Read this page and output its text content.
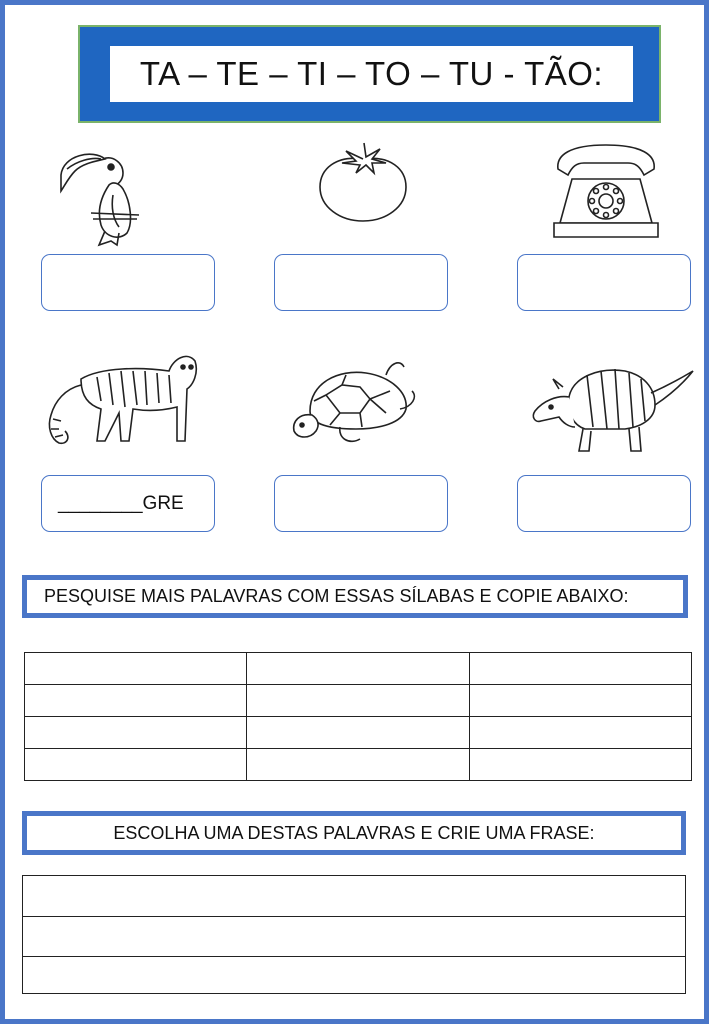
TA – TE – TI – TO – TU - TÃO:
________GRE
PESQUISE MAIS PALAVRAS COM ESSAS SÍLABAS E COPIE ABAIXO:

ESCOLHA UMA DESTAS PALAVRAS E CRIE UMA FRASE:
